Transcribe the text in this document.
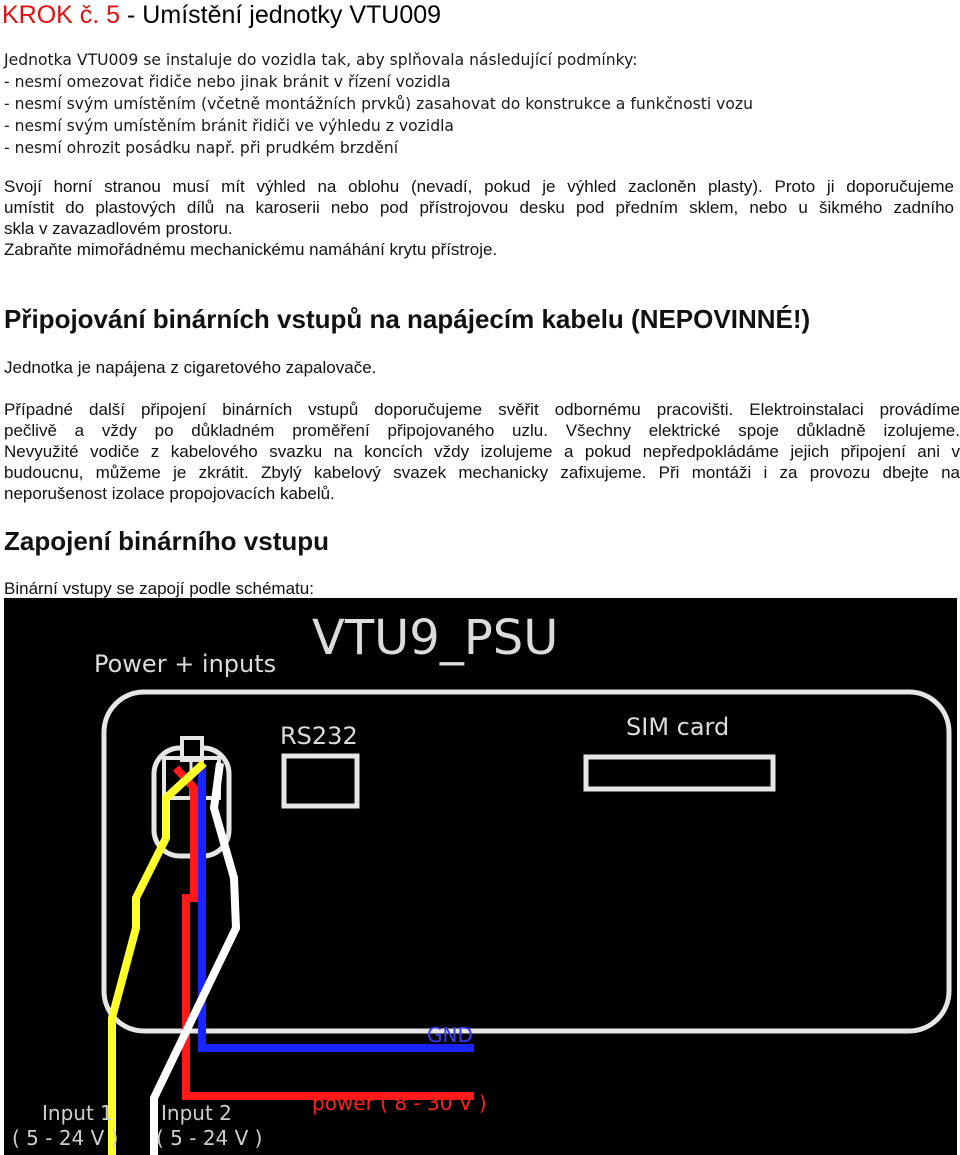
KROK č. 5 - Umístění jednotky VTU009
Jednotka VTU009 se instaluje do vozidla tak, aby splňovala následující podmínky:
- nesmí omezovat řidiče nebo jinak bránit v řízení vozidla
- nesmí svým umístěním (včetně montážních prvků) zasahovat do konstrukce a funkčnosti vozu
- nesmí svým umístěním bránit řidiči ve výhledu z vozidla
- nesmí ohrozit posádku např. při prudkém brzdění
Svojí horní stranou musí mít výhled na oblohu (nevadí, pokud je výhled zacloněn plasty). Proto ji doporučujeme
umístit do plastových dílů na karoserii nebo pod přístrojovou desku pod předním sklem, nebo u šikmého zadního
skla v zavazadlovém prostoru.
Zabraňte mimořádnému mechanickému namáhání krytu přístroje.
Připojování binárních vstupů na napájecím kabelu (NEPOVINNÉ!)
Jednotka je napájena z cigaretového zapalovače.
Případné další připojení binárních vstupů doporučujeme svěřit odbornému pracovišti. Elektroinstalaci provádíme
pečlivě a vždy po důkladném proměření připojovaného uzlu. Všechny elektrické spoje důkladně izolujeme.
Nevyužité vodiče z kabelového svazku na koncích vždy izolujeme a pokud nepředpokládáme jejich připojení ani v
budoucnu, můžeme je zkrátit. Zbylý kabelový svazek mechanicky zafixujeme. Při montáži i za provozu dbejte na
neporušenost izolace propojovacích kabelů.
Zapojení binárního vstupu
Binární vstupy se zapojí podle schématu:
VTU9_PSU
Power + inputs
RS232	SIM card
GND
power ( 8 - 30 V )
Input 1
( 5 - 24 V )
Input 2
( 5 - 24 V )
